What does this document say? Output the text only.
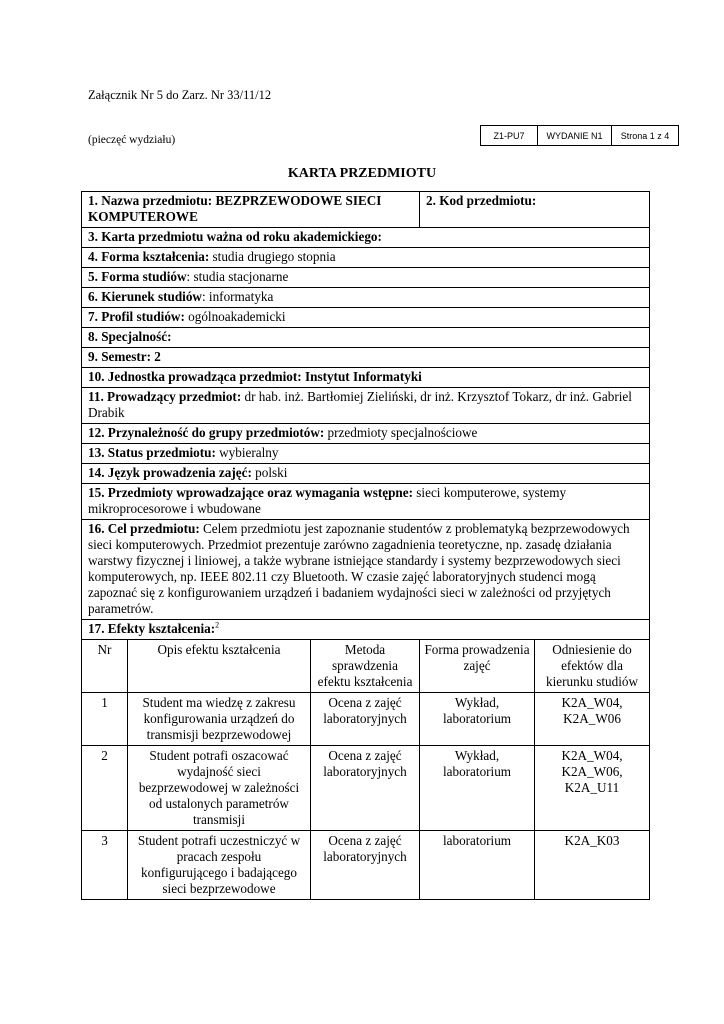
Załącznik Nr 5 do Zarz. Nr 33/11/12
(pieczęć wydziału)	Z1-PU7	WYDANIE N1	Strona 1 z 4
KARTA PRZEDMIOTU
1. Nazwa przedmiotu: BEZPRZEWODOWE SIECI KOMPUTEROWE			2. Kod przedmiotu:	
3. Karta przedmiotu ważna od roku akademickiego:				
4. Forma kształcenia: studia drugiego stopnia				
5. Forma studiów: studia stacjonarne				
6. Kierunek studiów: informatyka				
7. Profil studiów: ogólnoakademicki				
8. Specjalność:				
9. Semestr: 2				
10. Jednostka prowadząca przedmiot: Instytut Informatyki				
11. Prowadzący przedmiot: dr hab. inż. Bartłomiej Zieliński, dr inż. Krzysztof Tokarz, dr inż. Gabriel Drabik				
12. Przynależność do grupy przedmiotów: przedmioty specjalnościowe				
13. Status przedmiotu: wybieralny				
14. Język prowadzenia zajęć: polski				
15. Przedmioty wprowadzające oraz wymagania wstępne: sieci komputerowe, systemy mikroprocesorowe i wbudowane				
16. Cel przedmiotu: Celem przedmiotu jest zapoznanie studentów z problematyką bezprzewodowych sieci komputerowych. Przedmiot prezentuje zarówno zagadnienia teoretyczne, np. zasadę działania warstwy fizycznej i liniowej, a także wybrane istniejące standardy i systemy bezprzewodowych sieci komputerowych, np. IEEE 802.11 czy Bluetooth. W czasie zajęć laboratoryjnych studenci mogą zapoznać się z konfigurowaniem urządzeń i badaniem wydajności sieci w zależności od przyjętych parametrów.				
17. Efekty kształcenia:$^2$
Nr	Opis efektu kształcenia	Metoda sprawdzenia efektu kształcenia	Forma prowadzenia zajęć	Odniesienie do efektów dla kierunku studiów
1	Student ma wiedzę z zakresu konfigurowania urządzeń do transmisji bezprzewodowej	Ocena z zajęć laboratoryjnych	Wykład, laboratorium	K2A_W04, K2A_W06
2	Student potrafi oszacować wydajność sieci bezprzewodowej w zależności od ustalonych parametrów transmisji	Ocena z zajęć laboratoryjnych	Wykład, laboratorium	K2A_W04, K2A_W06, K2A_U11
3	Student potrafi uczestniczyć w pracach zespołu konfigurującego i badającego sieci bezprzewodowe	Ocena z zajęć laboratoryjnych	laboratorium	K2A_K03
